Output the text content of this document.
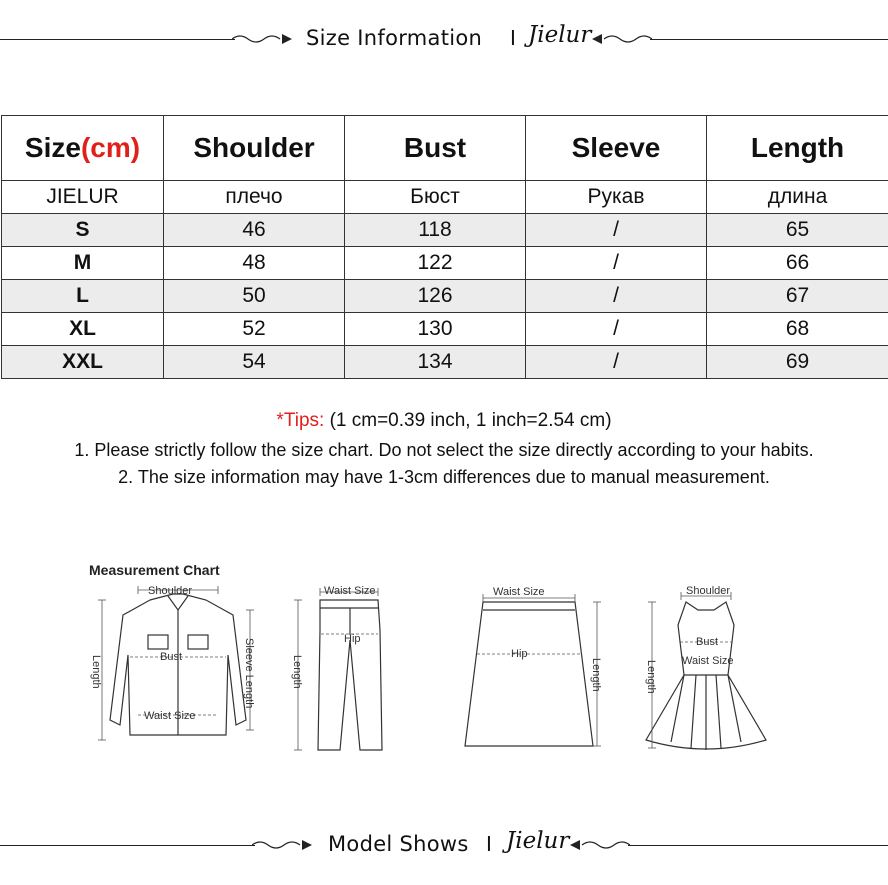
Size Information I Jielur
Size(cm)	Shoulder	Bust	Sleeve	Length
JIELUR	плечо	Бюст	Рукав	длина
S	46	118	/	65
M	48	122	/	66
L	50	126	/	67
XL	52	130	/	68
XXL	54	134	/	69
*Tips: (1 cm=0.39 inch, 1 inch=2.54 cm)
1. Please strictly follow the size chart. Do not select the size directly according to your habits.
2. The size information may have 1-3cm differences due to manual measurement.
Measurement Chart
Shoulder
Bust
Waist Size
Sleeve Length
Length
Waist Size
Hip
Length
Waist Size
Hip
Length
Shoulder
Bust
Waist Size
Length
Model Shows I Jielur
